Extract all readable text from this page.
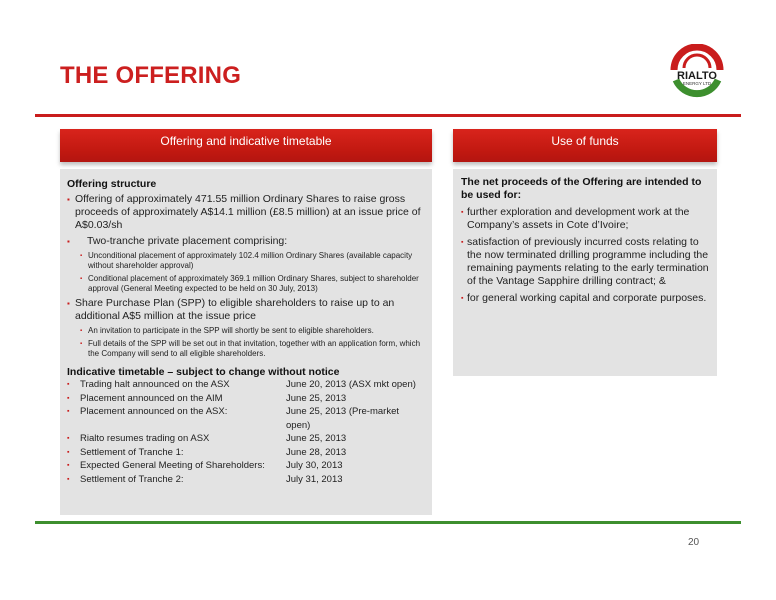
THE OFFERING	RIALTO
ENERGY LTD
Offering and indicative timetable	Use of funds
Offering structure
▪ Offering of approximately 471.55 million Ordinary Shares to raise gross proceeds of approximately A$14.1 million (£8.5 million) at an issue price of A$0.03/sh
▪ Two-tranche private placement comprising:
▪ Unconditional placement of approximately 102.4 million Ordinary Shares (available capacity without shareholder approval)
▪ Conditional placement of approximately 369.1 million Ordinary Shares, subject to shareholder approval (General Meeting expected to be held on 30 July, 2013)
▪ Share Purchase Plan (SPP) to eligible shareholders to raise up to an additional A$5 million at the issue price
▪ An invitation to participate in the SPP will shortly be sent to eligible shareholders.
▪ Full details of the SPP will be set out in that invitation, together with an application form, which the Company will send to all eligible shareholders.
Indicative timetable – subject to change without notice
▪ Trading halt announced on the ASX	June 20, 2013 (ASX mkt open)
▪ Placement announced on the AIM	June 25, 2013
▪ Placement announced on the ASX:	June 25, 2013 (Pre-market open)
▪ Rialto resumes trading on ASX	June 25, 2013
▪ Settlement of Tranche 1:	June 28, 2013
▪ Expected General Meeting of Shareholders:	July 30, 2013
▪ Settlement of Tranche 2:	July 31, 2013
The net proceeds of the Offering are intended to be used for:
▪ further exploration and development work at the Company’s assets in Cote d’Ivoire;
▪ satisfaction of previously incurred costs relating to the now terminated drilling programme including the remaining payments relating to the early termination of the Vantage Sapphire drilling contract; &
▪ for general working capital and corporate purposes.
20
